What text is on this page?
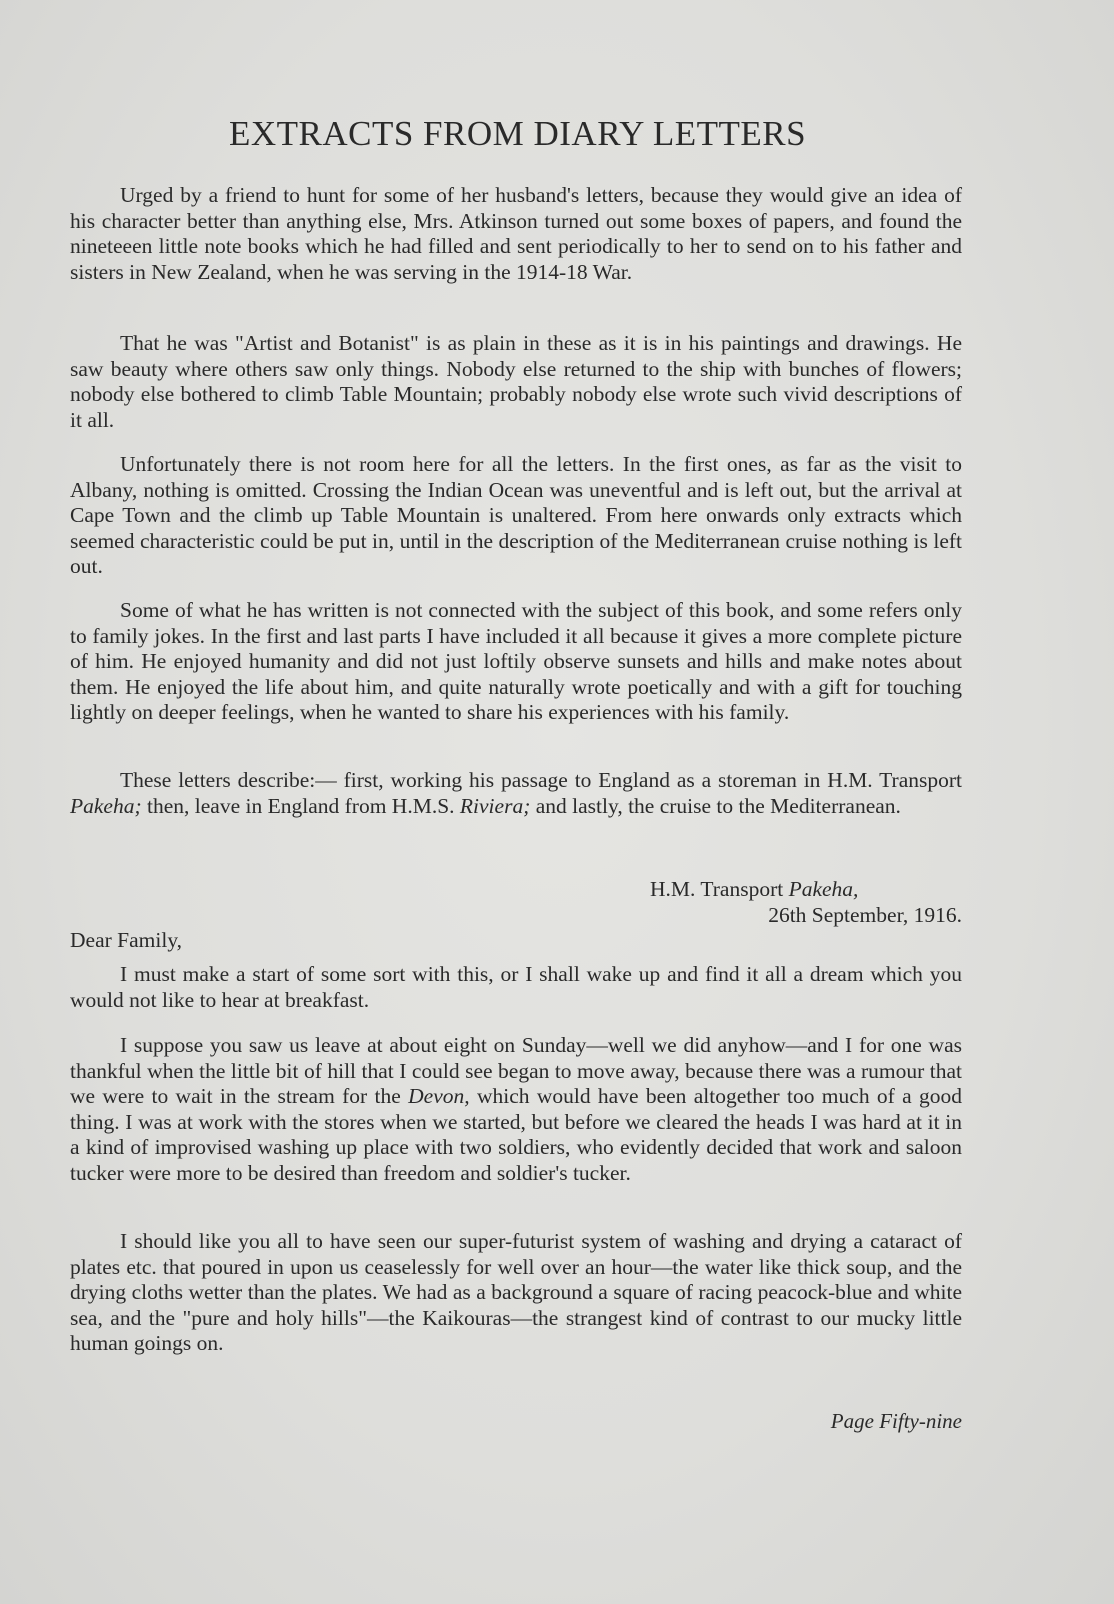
EXTRACTS FROM DIARY LETTERS

Urged by a friend to hunt for some of her husband's letters, because they would give an idea of his character better than anything else, Mrs. Atkinson turned out some boxes of papers, and found the nineteeen little note books which he had filled and sent periodically to her to send on to his father and sisters in New Zealand, when he was serving in the 1914-18 War.

That he was "Artist and Botanist" is as plain in these as it is in his paintings and drawings. He saw beauty where others saw only things. Nobody else returned to the ship with bunches of flowers; nobody else bothered to climb Table Mountain; probably nobody else wrote such vivid descriptions of it all.

Unfortunately there is not room here for all the letters. In the first ones, as far as the visit to Albany, nothing is omitted. Crossing the Indian Ocean was uneventful and is left out, but the arrival at Cape Town and the climb up Table Mountain is unaltered. From here onwards only extracts which seemed characteristic could be put in, until in the description of the Mediterranean cruise nothing is left out.

Some of what he has written is not connected with the subject of this book, and some refers only to family jokes. In the first and last parts I have included it all because it gives a more complete picture of him. He enjoyed humanity and did not just loftily observe sunsets and hills and make notes about them. He enjoyed the life about him, and quite naturally wrote poetically and with a gift for touching lightly on deeper feelings, when he wanted to share his experiences with his family.

These letters describe:— first, working his passage to England as a storeman in H.M. Transport Pakeha; then, leave in England from H.M.S. Riviera; and lastly, the cruise to the Mediterranean.

H.M. Transport Pakeha,
26th September, 1916.
Dear Family,

I must make a start of some sort with this, or I shall wake up and find it all a dream which you would not like to hear at breakfast.

I suppose you saw us leave at about eight on Sunday—well we did anyhow—and I for one was thankful when the little bit of hill that I could see began to move away, because there was a rumour that we were to wait in the stream for the Devon, which would have been altogether too much of a good thing. I was at work with the stores when we started, but before we cleared the heads I was hard at it in a kind of improvised washing up place with two soldiers, who evidently decided that work and saloon tucker were more to be desired than freedom and soldier's tucker.

I should like you all to have seen our super-futurist system of washing and drying a cataract of plates etc. that poured in upon us ceaselessly for well over an hour—the water like thick soup, and the drying cloths wetter than the plates. We had as a background a square of racing peacock-blue and white sea, and the "pure and holy hills"—the Kaikouras—the strangest kind of contrast to our mucky little human goings on.

Page Fifty-nine
